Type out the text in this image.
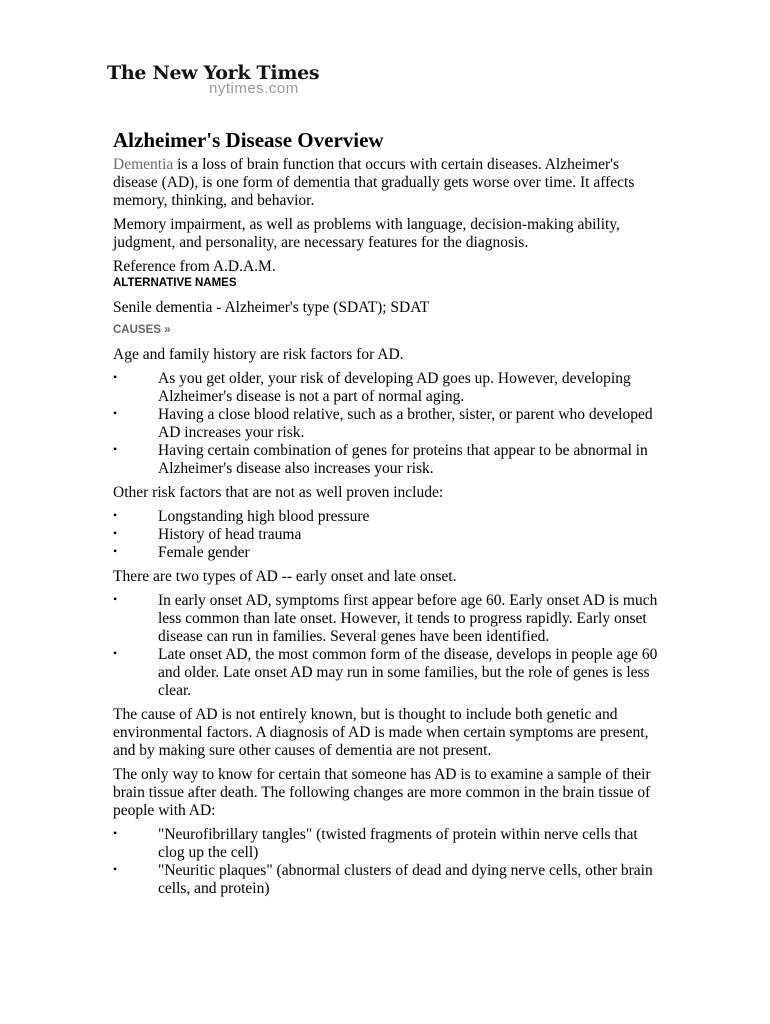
The New York Times
nytimes.com
Alzheimer's Disease Overview

Dementia is a loss of brain function that occurs with certain diseases. Alzheimer's disease (AD), is one form of dementia that gradually gets worse over time. It affects memory, thinking, and behavior.

Memory impairment, as well as problems with language, decision-making ability, judgment, and personality, are necessary features for the diagnosis.

Reference from A.D.A.M.

ALTERNATIVE NAMES

Senile dementia - Alzheimer's type (SDAT); SDAT

CAUSES »

Age and family history are risk factors for AD.

•	As you get older, your risk of developing AD goes up. However, developing Alzheimer's disease is not a part of normal aging.
•	Having a close blood relative, such as a brother, sister, or parent who developed AD increases your risk.
•	Having certain combination of genes for proteins that appear to be abnormal in Alzheimer's disease also increases your risk.

Other risk factors that are not as well proven include:

•	Longstanding high blood pressure
•	History of head trauma
•	Female gender

There are two types of AD -- early onset and late onset.

•	In early onset AD, symptoms first appear before age 60. Early onset AD is much less common than late onset. However, it tends to progress rapidly. Early onset disease can run in families. Several genes have been identified.
•	Late onset AD, the most common form of the disease, develops in people age 60 and older. Late onset AD may run in some families, but the role of genes is less clear.

The cause of AD is not entirely known, but is thought to include both genetic and environmental factors. A diagnosis of AD is made when certain symptoms are present, and by making sure other causes of dementia are not present.

The only way to know for certain that someone has AD is to examine a sample of their brain tissue after death. The following changes are more common in the brain tissue of people with AD:

•	"Neurofibrillary tangles" (twisted fragments of protein within nerve cells that clog up the cell)
•	"Neuritic plaques" (abnormal clusters of dead and dying nerve cells, other brain cells, and protein)
